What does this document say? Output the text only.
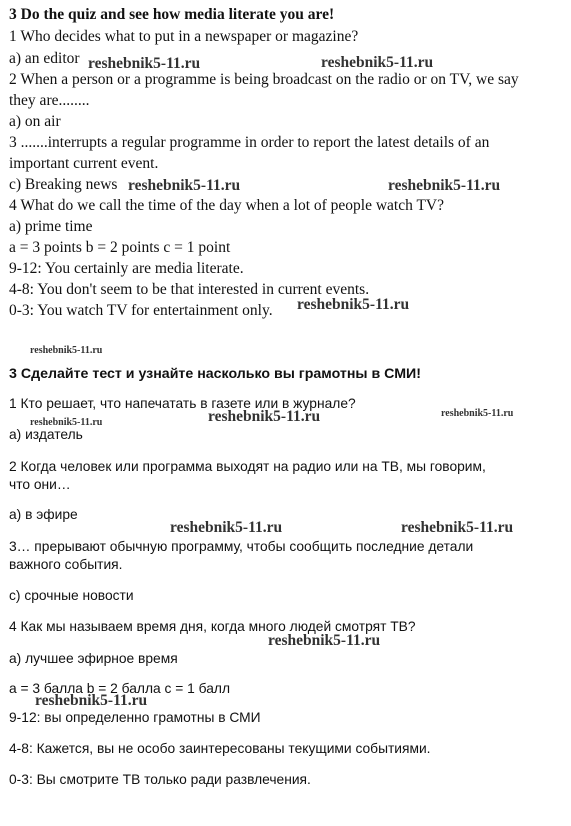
3 Do the quiz and see how media literate you are!
1 Who decides what to put in a newspaper or magazine?
a) an editor
2 When a person or a programme is being broadcast on the radio or on TV, we say
they are........
a) on air
3 .......interrupts a regular programme in order to report the latest details of an
important current event.
c) Breaking news
4 What do we call the time of the day when a lot of people watch TV?
a) prime time
a = 3 points b = 2 points c = 1 point
9-12: You certainly are media literate.
4-8: You don't seem to be that interested in current events.
0-3: You watch TV for entertainment only.
3 Сделайте тест и узнайте насколько вы грамотны в СМИ!
1 Кто решает, что напечатать в газете или в журнале?
а) издатель
2 Когда человек или программа выходят на радио или на ТВ, мы говорим,
что они…
а) в эфире
3… прерывают обычную программу, чтобы сообщить последние детали
важного события.
с) срочные новости
4 Как мы называем время дня, когда много людей смотрят ТВ?
а) лучшее эфирное время
a = 3 балла b = 2 балла c = 1 балл
9-12: вы определенно грамотны в СМИ
4-8: Кажется, вы не особо заинтересованы текущими событиями.
0-3: Вы смотрите ТВ только ради развлечения.
reshebnik5-11.ru	reshebnik5-11.ru
reshebnik5-11.ru	reshebnik5-11.ru
reshebnik5-11.ru
reshebnik5-11.ru
reshebnik5-11.ru	reshebnik5-11.ru	reshebnik5-11.ru
reshebnik5-11.ru	reshebnik5-11.ru
reshebnik5-11.ru
reshebnik5-11.ru
